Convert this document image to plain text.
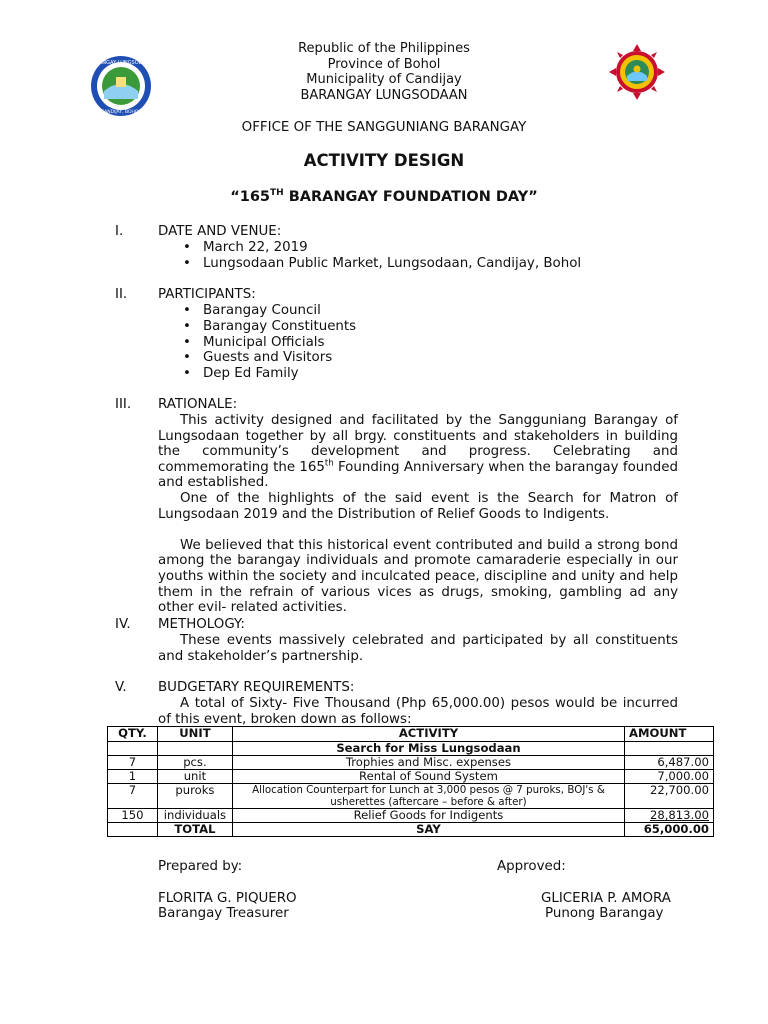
BARANGAY LUNGSODAAN
CANDIJAY, BOHOL
Republic of the Philippines
Province of Bohol
Municipality of Candijay
BARANGAY LUNGSODAAN
OFFICE OF THE SANGGUNIANG BARANGAY
ACTIVITY DESIGN
“165TH BARANGAY FOUNDATION DAY”
I.	DATE AND VENUE:
• March 22, 2019
• Lungsodaan Public Market, Lungsodaan, Candijay, Bohol
II. PARTICIPANTS:
• Barangay Council
• Barangay Constituents
• Municipal Officials
• Guests and Visitors
• Dep Ed Family
III. RATIONALE:

This activity designed and facilitated by the Sangguniang Barangay of Lungsodaan together by all brgy. constituents and stakeholders in building the community’s development and progress. Celebrating and commemorating the 165th Founding Anniversary when the barangay founded and established.

One of the highlights of the said event is the Search for Matron of Lungsodaan 2019 and the Distribution of Relief Goods to Indigents.

We believed that this historical event contributed and build a strong bond among the barangay individuals and promote camaraderie especially in our youths within the society and inculcated peace, discipline and unity and help them in the refrain of various vices as drugs, smoking, gambling ad any other evil- related activities.

IV. METHOLOGY:

These events massively celebrated and participated by all constituents and stakeholder’s partnership.

V. BUDGETARY REQUIREMENTS:

A total of Sixty- Five Thousand (Php 65,000.00) pesos would be incurred of this event, broken down as follows:

QTY.	UNIT	ACTIVITY	AMOUNT
		Search for Miss Lungsodaan	
7	pcs.	Trophies and Misc. expenses	6,487.00
1	unit	Rental of Sound System	7,000.00
7	puroks	Allocation Counterpart for Lunch at 3,000 pesos @ 7 puroks, BOJ's & usherettes (aftercare – before & after)	22,700.00
150	individuals	Relief Goods for Indigents	28,813.00
	TOTAL	SAY	65,000.00
Prepared by:
FLORITA G. PIQUERO
Barangay Treasurer
Approved:
GLICERIA P. AMORA
Punong Barangay
